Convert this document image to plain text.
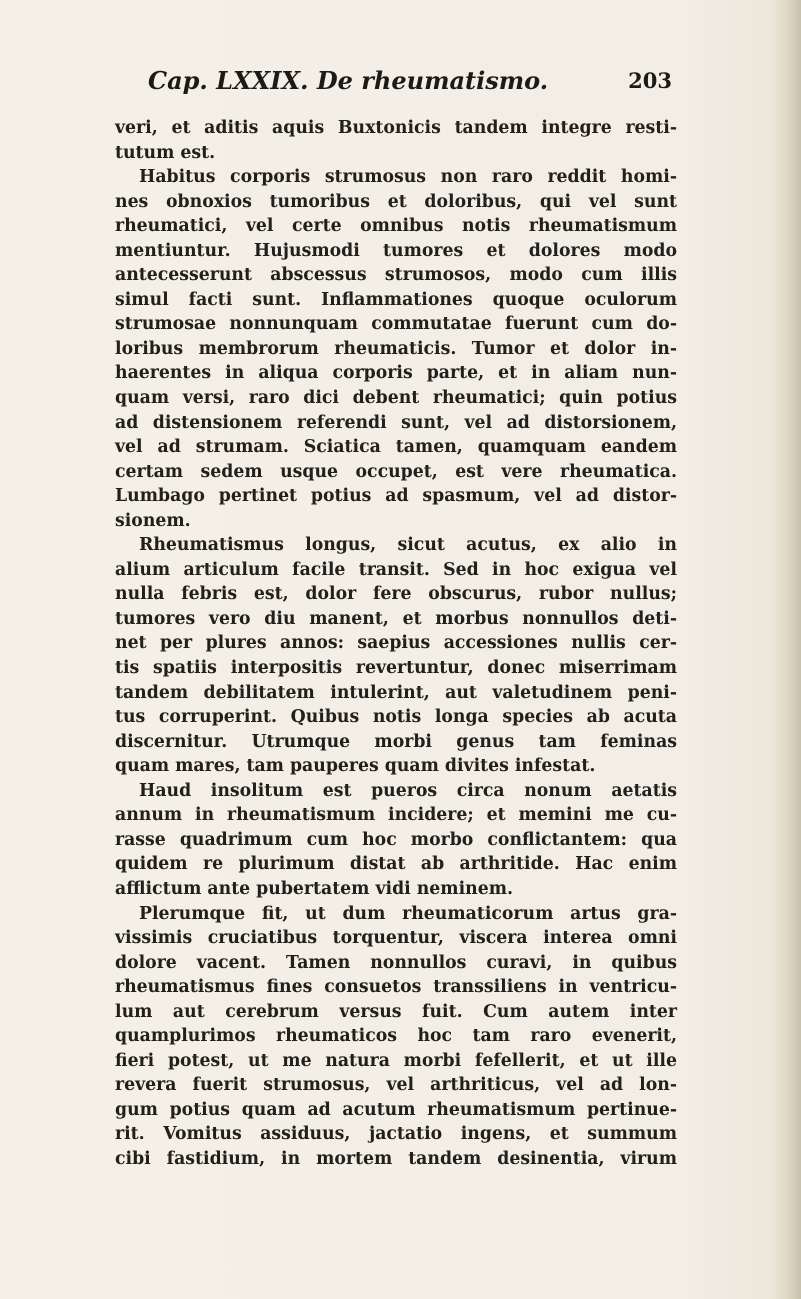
Cap. LXXIX. De rheumatismo.	203
veri, et aditis aquis Buxtonicis tandem integre resti-
tutum est.
Habitus corporis strumosus non raro reddit homi-
nes obnoxios tumoribus et doloribus, qui vel sunt
rheumatici, vel certe omnibus notis rheumatismum
mentiuntur. Hujusmodi tumores et dolores modo
antecesserunt abscessus strumosos, modo cum illis
simul facti sunt. Inflammationes quoque oculorum
strumosae nonnunquam commutatae fuerunt cum do-
loribus membrorum rheumaticis. Tumor et dolor in-
haerentes in aliqua corporis parte, et in aliam nun-
quam versi, raro dici debent rheumatici; quin potius
ad distensionem referendi sunt, vel ad distorsionem,
vel ad strumam. Sciatica tamen, quamquam eandem
certam sedem usque occupet, est vere rheumatica.
Lumbago pertinet potius ad spasmum, vel ad distor-
sionem.
Rheumatismus longus, sicut acutus, ex alio in
alium articulum facile transit. Sed in hoc exigua vel
nulla febris est, dolor fere obscurus, rubor nullus;
tumores vero diu manent, et morbus nonnullos deti-
net per plures annos: saepius accessiones nullis cer-
tis spatiis interpositis revertuntur, donec miserrimam
tandem debilitatem intulerint, aut valetudinem peni-
tus corruperint. Quibus notis longa species ab acuta
discernitur. Utrumque morbi genus tam feminas
quam mares, tam pauperes quam divites infestat.
Haud insolitum est pueros circa nonum aetatis
annum in rheumatismum incidere; et memini me cu-
rasse quadrimum cum hoc morbo conflictantem: qua
quidem re plurimum distat ab arthritide. Hac enim
afflictum ante pubertatem vidi neminem.
Plerumque fit, ut dum rheumaticorum artus gra-
vissimis cruciatibus torquentur, viscera interea omni
dolore vacent. Tamen nonnullos curavi, in quibus
rheumatismus fines consuetos transsiliens in ventricu-
lum aut cerebrum versus fuit. Cum autem inter
quamplurimos rheumaticos hoc tam raro evenerit,
fieri potest, ut me natura morbi fefellerit, et ut ille
revera fuerit strumosus, vel arthriticus, vel ad lon-
gum potius quam ad acutum rheumatismum pertinue-
rit. Vomitus assiduus, jactatio ingens, et summum
cibi fastidium, in mortem tandem desinentia, virum
